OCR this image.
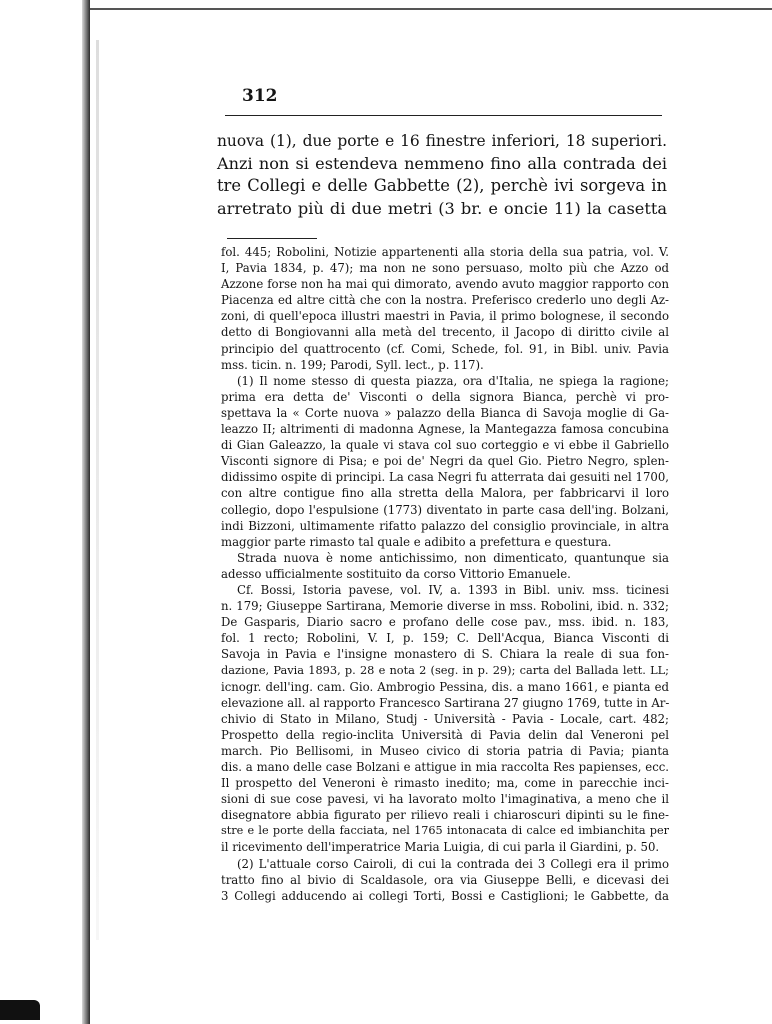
312
nuova (1), due porte e 16 finestre inferiori, 18 superiori.
Anzi non si estendeva nemmeno fino alla contrada dei
tre Collegi e delle Gabbette (2), perchè ivi sorgeva in
arretrato più di due metri (3 br. e oncie 11) la casetta
fol. 445; Robolini, Notizie appartenenti alla storia della sua patria, vol. V.
I, Pavia 1834, p. 47); ma non ne sono persuaso, molto più che Azzo od
Azzone forse non ha mai qui dimorato, avendo avuto maggior rapporto con
Piacenza ed altre città che con la nostra. Preferisco crederlo uno degli Az-
zoni, di quell'epoca illustri maestri in Pavia, il primo bolognese, il secondo
detto di Bongiovanni alla metà del trecento, il Jacopo di diritto civile al
principio del quattrocento (cf. Comi, Schede, fol. 91, in Bibl. univ. Pavia
mss. ticin. n. 199; Parodi, Syll. lect., p. 117).
(1) Il nome stesso di questa piazza, ora d'Italia, ne spiega la ragione;
prima era detta de' Visconti o della signora Bianca, perchè vi pro-
spettava la « Corte nuova » palazzo della Bianca di Savoja moglie di Ga-
leazzo II; altrimenti di madonna Agnese, la Mantegazza famosa concubina
di Gian Galeazzo, la quale vi stava col suo corteggio e vi ebbe il Gabriello
Visconti signore di Pisa; e poi de' Negri da quel Gio. Pietro Negro, splen-
didissimo ospite di principi. La casa Negri fu atterrata dai gesuiti nel 1700,
con altre contigue fino alla stretta della Malora, per fabbricarvi il loro
collegio, dopo l'espulsione (1773) diventato in parte casa dell'ing. Bolzani,
indi Bizzoni, ultimamente rifatto palazzo del consiglio provinciale, in altra
maggior parte rimasto tal quale e adibito a prefettura e questura.
Strada nuova è nome antichissimo, non dimenticato, quantunque sia
adesso ufficialmente sostituito da corso Vittorio Emanuele.
Cf. Bossi, Istoria pavese, vol. IV, a. 1393 in Bibl. univ. mss. ticinesi
n. 179; Giuseppe Sartirana, Memorie diverse in mss. Robolini, ibid. n. 332;
De Gasparis, Diario sacro e profano delle cose pav., mss. ibid. n. 183,
fol. 1 recto; Robolini, V. I, p. 159; C. Dell'Acqua, Bianca Visconti di
Savoja in Pavia e l'insigne monastero di S. Chiara la reale di sua fon-
dazione, Pavia 1893, p. 28 e nota 2 (seg. in p. 29); carta del Ballada lett. LL;
icnogr. dell'ing. cam. Gio. Ambrogio Pessina, dis. a mano 1661, e pianta ed
elevazione all. al rapporto Francesco Sartirana 27 giugno 1769, tutte in Ar-
chivio di Stato in Milano, Studj - Università - Pavia - Locale, cart. 482;
Prospetto della regio-inclita Università di Pavia delin dal Veneroni pel
march. Pio Bellisomi, in Museo civico di storia patria di Pavia; pianta
dis. a mano delle case Bolzani e attigue in mia raccolta Res papienses, ecc.
Il prospetto del Veneroni è rimasto inedito; ma, come in parecchie inci-
sioni di sue cose pavesi, vi ha lavorato molto l'imaginativa, a meno che il
disegnatore abbia figurato per rilievo reali i chiaroscuri dipinti su le fine-
stre e le porte della facciata, nel 1765 intonacata di calce ed imbianchita per
il ricevimento dell'imperatrice Maria Luigia, di cui parla il Giardini, p. 50.
(2) L'attuale corso Cairoli, di cui la contrada dei 3 Collegi era il primo
tratto fino al bivio di Scaldasole, ora via Giuseppe Belli, e dicevasi dei
3 Collegi adducendo ai collegi Torti, Bossi e Castiglioni; le Gabbette, da
